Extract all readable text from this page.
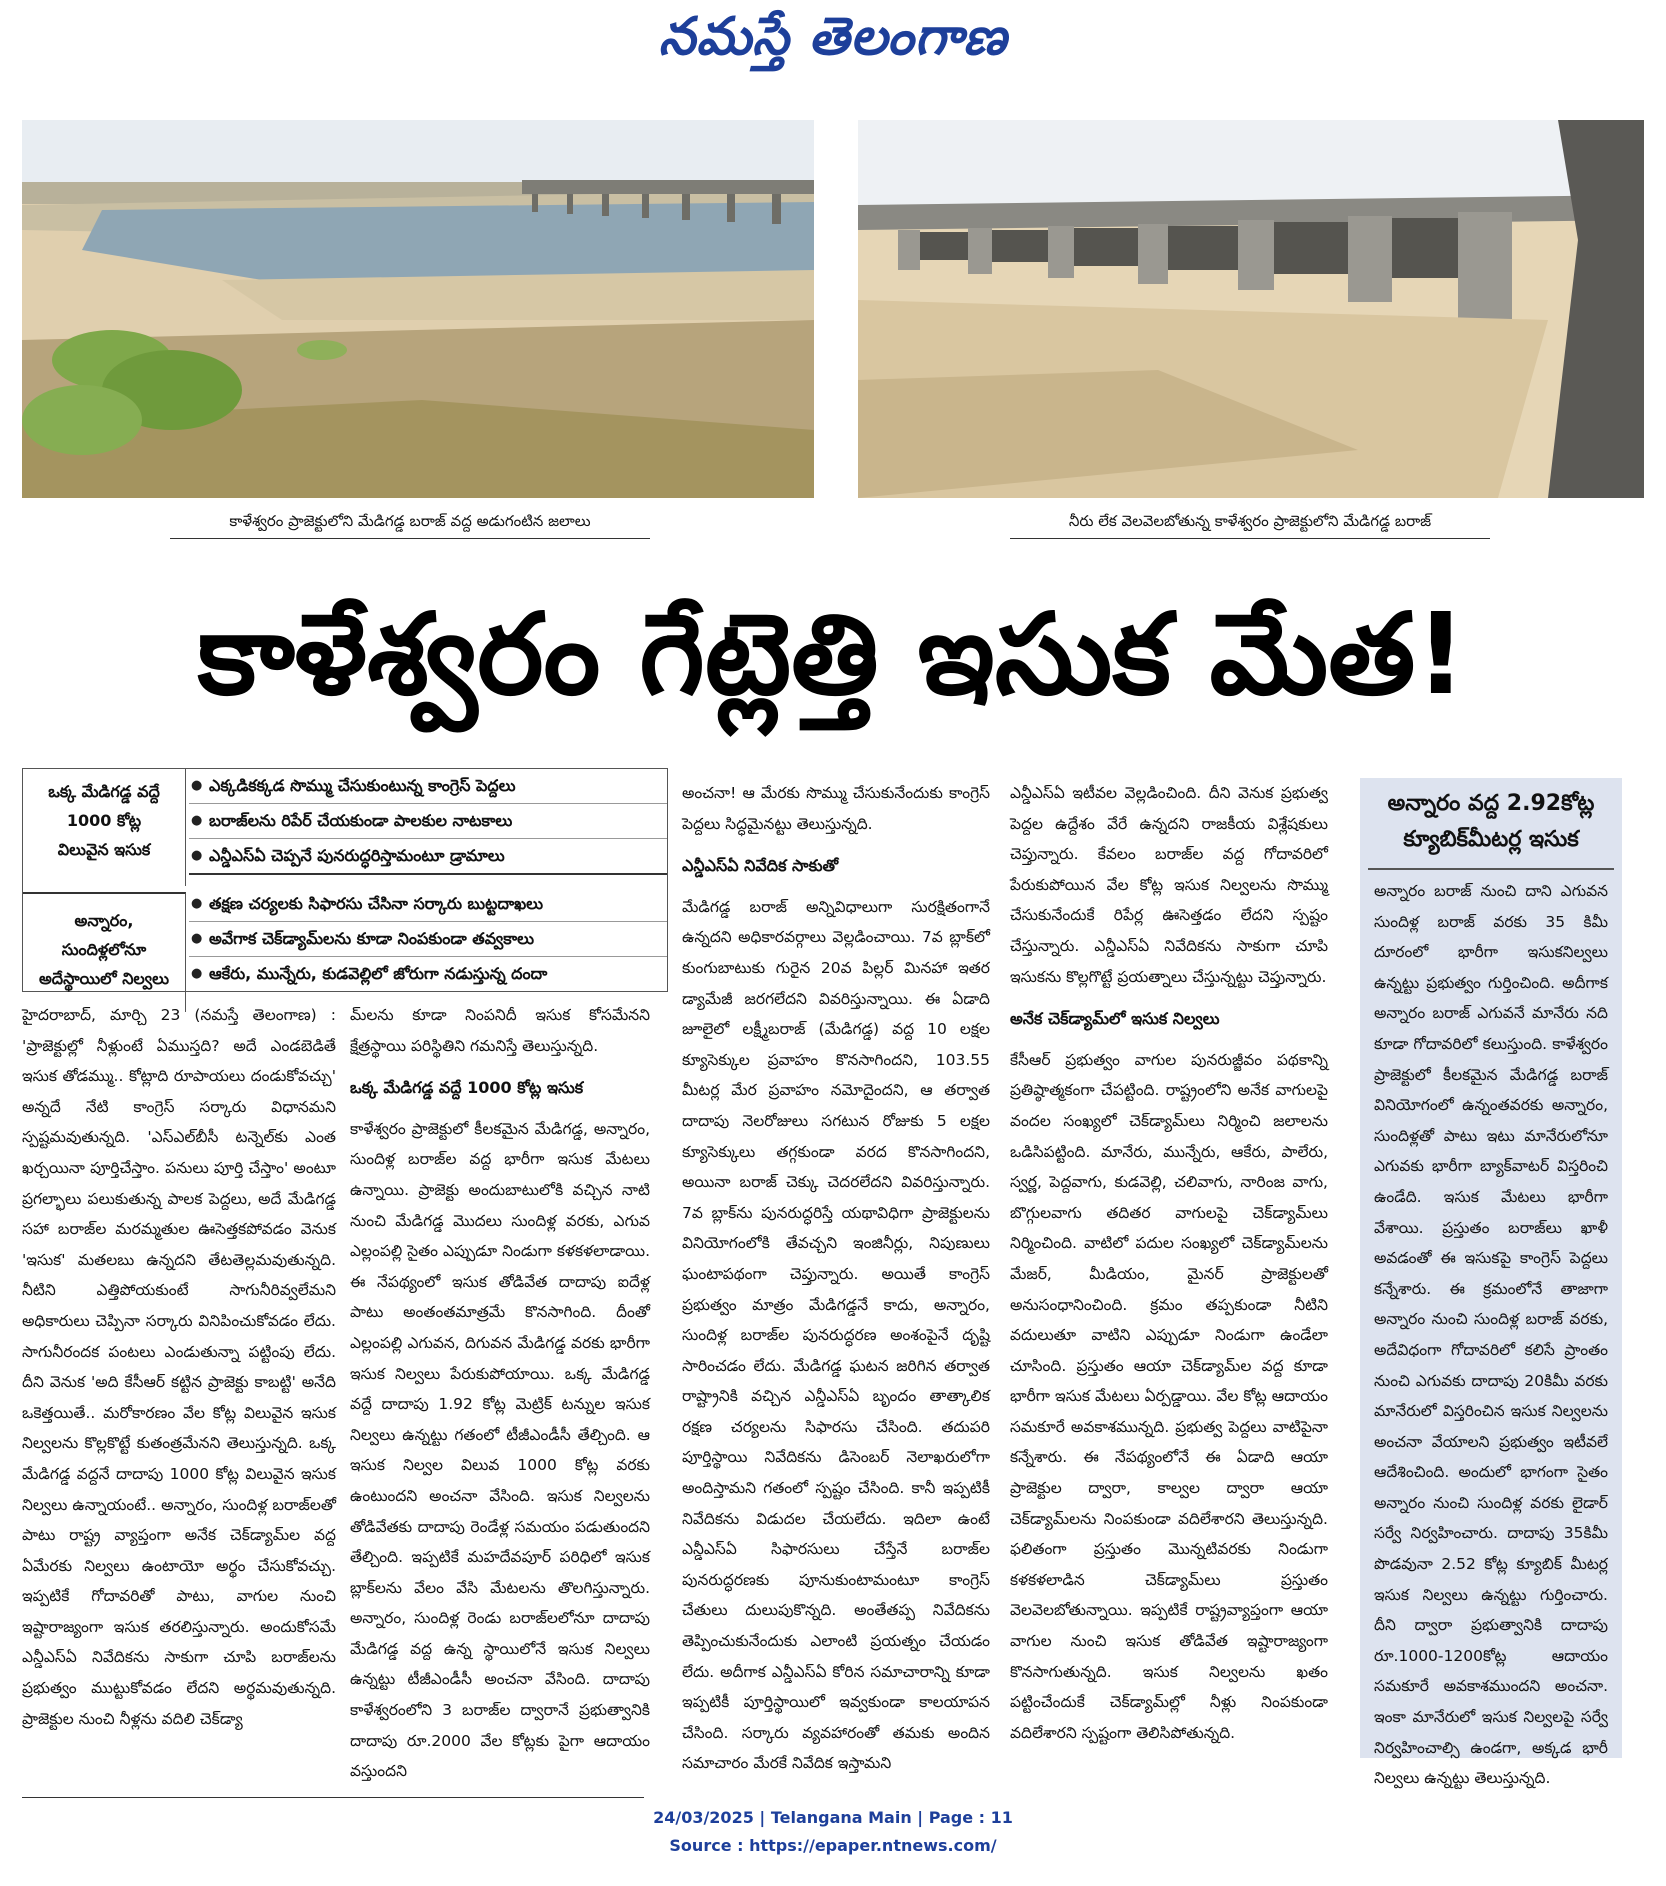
నమస్తే తెలంగాణ
కాళేశ్వరం ప్రాజెక్టులోని మేడిగడ్డ బరాజ్ వద్ద అడుగంటిన జలాలు	నీరు లేక వెలవెలబోతున్న కాళేశ్వరం ప్రాజెక్టులోని మేడిగడ్డ బరాజ్
కాళేశ్వరం గేట్లెత్తి ఇసుక మేత!
ఒక్క మేడిగడ్డ వద్దే
1000 కోట్ల
విలువైన ఇసుక
అన్నారం,
సుందిళ్లలోనూ
అదేస్థాయిలో నిల్వలు
● ఎక్కడికక్కడ సొమ్ము చేసుకుంటున్న కాంగ్రెస్ పెద్దలు
● బరాజ్‌లను రిపేర్ చేయకుండా పాలకుల నాటకాలు
● ఎన్డీఎస్ఏ చెప్పనే పునరుద్ధరిస్తామంటూ డ్రామాలు
● తక్షణ చర్యలకు సిఫారసు చేసినా సర్కారు బుట్టదాఖలు
● అవేగాక చెక్‌డ్యామ్‌లను కూడా నింపకుండా తవ్వకాలు
● ఆకేరు, మున్నేరు, కుడవెల్లిలో జోరుగా నడుస్తున్న దందా

హైదరాబాద్, మార్చి 23 (నమస్తే తెలంగాణ) : 'ప్రాజెక్టుల్లో నీళ్లుంటే ఏముస్తది? అదే ఎండబెడితే ఇసుక తోడమ్ము.. కోట్లాది రూపాయలు దండుకోవచ్చు' అన్నదే నేటి కాంగ్రెస్ సర్కారు విధానమని స్పష్టమవుతున్నది. 'ఎస్ఎల్‌బీసీ టన్నెల్‌కు ఎంత ఖర్చయినా పూర్తిచేస్తాం. పనులు పూర్తి చేస్తాం' అంటూ ప్రగల్భాలు పలుకుతున్న పాలక పెద్దలు, అదే మేడిగడ్డ సహా బరాజ్‌ల మరమ్మతుల ఊసెత్తకపోవడం వెనుక 'ఇసుక' మతలబు ఉన్నదని తేటతెల్లమవుతున్నది. నీటిని ఎత్తిపోయకుంటే సాగునీరివ్వలేమని అధికారులు చెప్పినా సర్కారు వినిపించుకోవడం లేదు. సాగునీరందక పంటలు ఎండుతున్నా పట్టింపు లేదు. దీని వెనుక 'అది కేసీఆర్ కట్టిన ప్రాజెక్టు కాబట్టి' అనేది ఒకెత్తయితే.. మరోకారణం వేల కోట్ల విలువైన ఇసుక నిల్వలను కొల్లకొట్టే కుతంత్రమేనని తెలుస్తున్నది. ఒక్క మేడిగడ్డ వద్దనే దాదాపు 1000 కోట్ల విలువైన ఇసుక నిల్వలు ఉన్నాయంటే.. అన్నారం, సుందిళ్ల బరాజ్‌లతో పాటు రాష్ట్ర వ్యాప్తంగా అనేక చెక్‌డ్యామ్‌ల వద్ద ఏమేరకు నిల్వలు ఉంటాయో అర్థం చేసుకోవచ్చు. ఇప్పటికే గోదావరితో పాటు, వాగుల నుంచి ఇష్టారాజ్యంగా ఇసుక తరలిస్తున్నారు. అందుకోసమే ఎన్డీఎస్ఏ నివేదికను సాకుగా చూపి బరాజ్‌లను ప్రభుత్వం ముట్టుకోవడం లేదని అర్థమవుతున్నది. ప్రాజెక్టుల నుంచి నీళ్లను వదిలి చెక్‌డ్యా

మ్‌లను కూడా నింపనిదీ ఇసుక కోసమేనని క్షేత్రస్థాయి పరిస్థితిని గమనిస్తే తెలుస్తున్నది.

ఒక్క మేడిగడ్డ వద్దే 1000 కోట్ల ఇసుక

కాళేశ్వరం ప్రాజెక్టులో కీలకమైన మేడిగడ్డ, అన్నారం, సుందిళ్ల బరాజ్‌ల వద్ద భారీగా ఇసుక మేటలు ఉన్నాయి. ప్రాజెక్టు అందుబాటులోకి వచ్చిన నాటి నుంచి మేడిగడ్డ మొదలు సుందిళ్ల వరకు, ఎగువ ఎల్లంపల్లి సైతం ఎప్పుడూ నిండుగా కళకళలాడాయి. ఈ నేపథ్యంలో ఇసుక తోడివేత దాదాపు ఐదేళ్ల పాటు అంతంతమాత్రమే కొనసాగింది. దీంతో ఎల్లంపల్లి ఎగువన, దిగువన మేడిగడ్డ వరకు భారీగా ఇసుక నిల్వలు పేరుకుపోయాయి. ఒక్క మేడిగడ్డ వద్దే దాదాపు 1.92 కోట్ల మెట్రిక్ టన్నుల ఇసుక నిల్వలు ఉన్నట్టు గతంలో టీజీఎండీసీ తేల్చింది. ఆ ఇసుక నిల్వల విలువ 1000 కోట్ల వరకు ఉంటుందని అంచనా వేసింది. ఇసుక నిల్వలను తోడివేతకు దాదాపు రెండేళ్ల సమయం పడుతుందని తేల్చింది. ఇప్పటికే మహదేవపూర్ పరిధిలో ఇసుక బ్లాక్‌లను వేలం వేసి మేటలను తొలగిస్తున్నారు. అన్నారం, సుందిళ్ల రెండు బరాజ్‌లలోనూ దాదాపు మేడిగడ్డ వద్ద ఉన్న స్థాయిలోనే ఇసుక నిల్వలు ఉన్నట్టు టీజీఎండీసీ అంచనా వేసింది. దాదాపు కాళేశ్వరంలోని 3 బరాజ్‌ల ద్వారానే ప్రభుత్వానికి దాదాపు రూ.2000 వేల కోట్లకు పైగా ఆదాయం వస్తుందని

అంచనా! ఆ మేరకు సొమ్ము చేసుకునేందుకు కాంగ్రెస్ పెద్దలు సిద్ధమైనట్టు తెలుస్తున్నది.

ఎన్డీఎస్ఏ నివేదిక సాకుతో

మేడిగడ్డ బరాజ్ అన్నివిధాలుగా సురక్షితంగానే ఉన్నదని అధికారవర్గాలు వెల్లడించాయి. 7వ బ్లాక్‌లో కుంగుబాటుకు గురైన 20వ పిల్లర్ మినహా ఇతర డ్యామేజీ జరగలేదని వివరిస్తున్నాయి. ఈ ఏడాది జూలైలో లక్ష్మీబరాజ్ (మేడిగడ్డ) వద్ద 10 లక్షల క్యూసెక్కుల ప్రవాహం కొనసాగిందని, 103.55 మీటర్ల మేర ప్రవాహం నమోదైందని, ఆ తర్వాత దాదాపు నెలరోజులు సగటున రోజుకు 5 లక్షల క్యూసెక్కులు తగ్గకుండా వరద కొనసాగిందని, అయినా బరాజ్ చెక్కు చెదరలేదని వివరిస్తున్నారు. 7వ బ్లాక్‌ను పునరుద్ధరిస్తే యథావిధిగా ప్రాజెక్టులను వినియోగంలోకి తేవచ్చని ఇంజినీర్లు, నిపుణులు ఘంటాపథంగా చెప్తున్నారు. అయితే కాంగ్రెస్ ప్రభుత్వం మాత్రం మేడిగడ్డనే కాదు, అన్నారం, సుందిళ్ల బరాజ్‌ల పునరుద్ధరణ అంశంపైనే దృష్టి సారించడం లేదు. మేడిగడ్డ ఘటన జరిగిన తర్వాత రాష్ట్రానికి వచ్చిన ఎన్డీఎస్ఏ బృందం తాత్కాలిక రక్షణ చర్యలను సిఫారసు చేసింది. తదుపరి పూర్తిస్థాయి నివేదికను డిసెంబర్ నెలాఖరులోగా అందిస్తామని గతంలో స్పష్టం చేసింది. కానీ ఇప్పటికీ నివేదికను విడుదల చేయలేదు. ఇదిలా ఉంటే ఎన్డీఎస్ఏ సిఫారసులు చేస్తేనే బరాజ్‌ల పునరుద్ధరణకు పూనుకుంటామంటూ కాంగ్రెస్ చేతులు దులుపుకొన్నది. అంతేతప్ప నివేదికను తెప్పించుకునేందుకు ఎలాంటి ప్రయత్నం చేయడం లేదు. అదీగాక ఎన్డీఎస్ఏ కోరిన సమాచారాన్ని కూడా ఇప్పటికీ పూర్తిస్థాయిలో ఇవ్వకుండా కాలయాపన చేసింది. సర్కారు వ్యవహారంతో తమకు అందిన సమాచారం మేరకే నివేదిక ఇస్తామని

ఎన్డీఎస్ఏ ఇటీవల వెల్లడించింది. దీని వెనుక ప్రభుత్వ పెద్దల ఉద్దేశం వేరే ఉన్నదని రాజకీయ విశ్లేషకులు చెప్తున్నారు. కేవలం బరాజ్‌ల వద్ద గోదావరిలో పేరుకుపోయిన వేల కోట్ల ఇసుక నిల్వలను సొమ్ము చేసుకునేందుకే రిపేర్ల ఊసెత్తడం లేదని స్పష్టం చేస్తున్నారు. ఎన్డీఎస్ఏ నివేదికను సాకుగా చూపి ఇసుకను కొల్లగొట్టే ప్రయత్నాలు చేస్తున్నట్టు చెప్తున్నారు.

అనేక చెక్‌డ్యామ్‌లో ఇసుక నిల్వలు

కేసీఆర్ ప్రభుత్వం వాగుల పునరుజ్జీవం పథకాన్ని ప్రతిష్ఠాత్మకంగా చేపట్టింది. రాష్ట్రంలోని అనేక వాగులపై వందల సంఖ్యలో చెక్‌డ్యామ్‌లు నిర్మించి జలాలను ఒడిసిపట్టింది. మానేరు, మున్నేరు, ఆకేరు, పాలేరు, స్వర్ణ, పెద్దవాగు, కుడవెల్లి, చలివాగు, నారింజ వాగు, బొగ్గులవాగు తదితర వాగులపై చెక్‌డ్యామ్‌లు నిర్మించింది. వాటిలో పదుల సంఖ్యలో చెక్‌డ్యామ్‌లను మేజర్, మీడియం, మైనర్ ప్రాజెక్టులతో అనుసంధానించింది. క్రమం తప్పకుండా నీటిని వదులుతూ వాటిని ఎప్పుడూ నిండుగా ఉండేలా చూసింది. ప్రస్తుతం ఆయా చెక్‌డ్యామ్‌ల వద్ద కూడా భారీగా ఇసుక మేటలు ఏర్పడ్డాయి. వేల కోట్ల ఆదాయం సమకూరే అవకాశమున్నది. ప్రభుత్వ పెద్దలు వాటిపైనా కన్నేశారు. ఈ నేపథ్యంలోనే ఈ ఏడాది ఆయా ప్రాజెక్టుల ద్వారా, కాల్వల ద్వారా ఆయా చెక్‌డ్యామ్‌లను నింపకుండా వదిలేశారని తెలుస్తున్నది. ఫలితంగా ప్రస్తుతం మొన్నటివరకు నిండుగా కళకళలాడిన చెక్‌డ్యామ్‌లు ప్రస్తుతం వెలవెలబోతున్నాయి. ఇప్పటికే రాష్ట్రవ్యాప్తంగా ఆయా వాగుల నుంచి ఇసుక తోడివేత ఇష్టారాజ్యంగా కొనసాగుతున్నది. ఇసుక నిల్వలను ఖతం పట్టించేందుకే చెక్‌డ్యామ్‌ల్లో నీళ్లు నింపకుండా వదిలేశారని స్పష్టంగా తెలిసిపోతున్నది.

అన్నారం వద్ద 2.92కోట్ల
క్యూబిక్‌మీటర్ల ఇసుక
అన్నారం బరాజ్ నుంచి దాని ఎగువన సుందిళ్ల బరాజ్ వరకు 35 కిమీ దూరంలో భారీగా ఇసుకనిల్వలు ఉన్నట్టు ప్రభుత్వం గుర్తించింది. అదీగాక అన్నారం బరాజ్ ఎగువనే మానేరు నది కూడా గోదావరిలో కలుస్తుంది. కాళేశ్వరం ప్రాజెక్టులో కీలకమైన మేడిగడ్డ బరాజ్ వినియోగంలో ఉన్నంతవరకు అన్నారం, సుందిళ్లతో పాటు ఇటు మానేరులోనూ ఎగువకు భారీగా బ్యాక్‌వాటర్ విస్తరించి ఉండేది. ఇసుక మేటలు భారీగా వేశాయి. ప్రస్తుతం బరాజ్‌లు ఖాళీ అవడంతో ఈ ఇసుకపై కాంగ్రెస్ పెద్దలు కన్నేశారు. ఈ క్రమంలోనే తాజాగా అన్నారం నుంచి సుందిళ్ల బరాజ్ వరకు, అదేవిధంగా గోదావరిలో కలిసే ప్రాంతం నుంచి ఎగువకు దాదాపు 20కిమీ వరకు మానేరులో విస్తరించిన ఇసుక నిల్వలను అంచనా వేయాలని ప్రభుత్వం ఇటీవలే ఆదేశించింది. అందులో భాగంగా సైతం అన్నారం నుంచి సుందిళ్ల వరకు లైడార్ సర్వే నిర్వహించారు. దాదాపు 35కిమీ పొడవునా 2.52 కోట్ల క్యూబిక్ మీటర్ల ఇసుక నిల్వలు ఉన్నట్టు గుర్తించారు. దీని ద్వారా ప్రభుత్వానికి దాదాపు రూ.1000-1200కోట్ల ఆదాయం సమకూరే అవకాశముందని అంచనా. ఇంకా మానేరులో ఇసుక నిల్వలపై సర్వే నిర్వహించాల్సి ఉండగా, అక్కడ భారీ నిల్వలు ఉన్నట్టు తెలుస్తున్నది.
24/03/2025 | Telangana Main | Page : 11
Source : https://epaper.ntnews.com/
